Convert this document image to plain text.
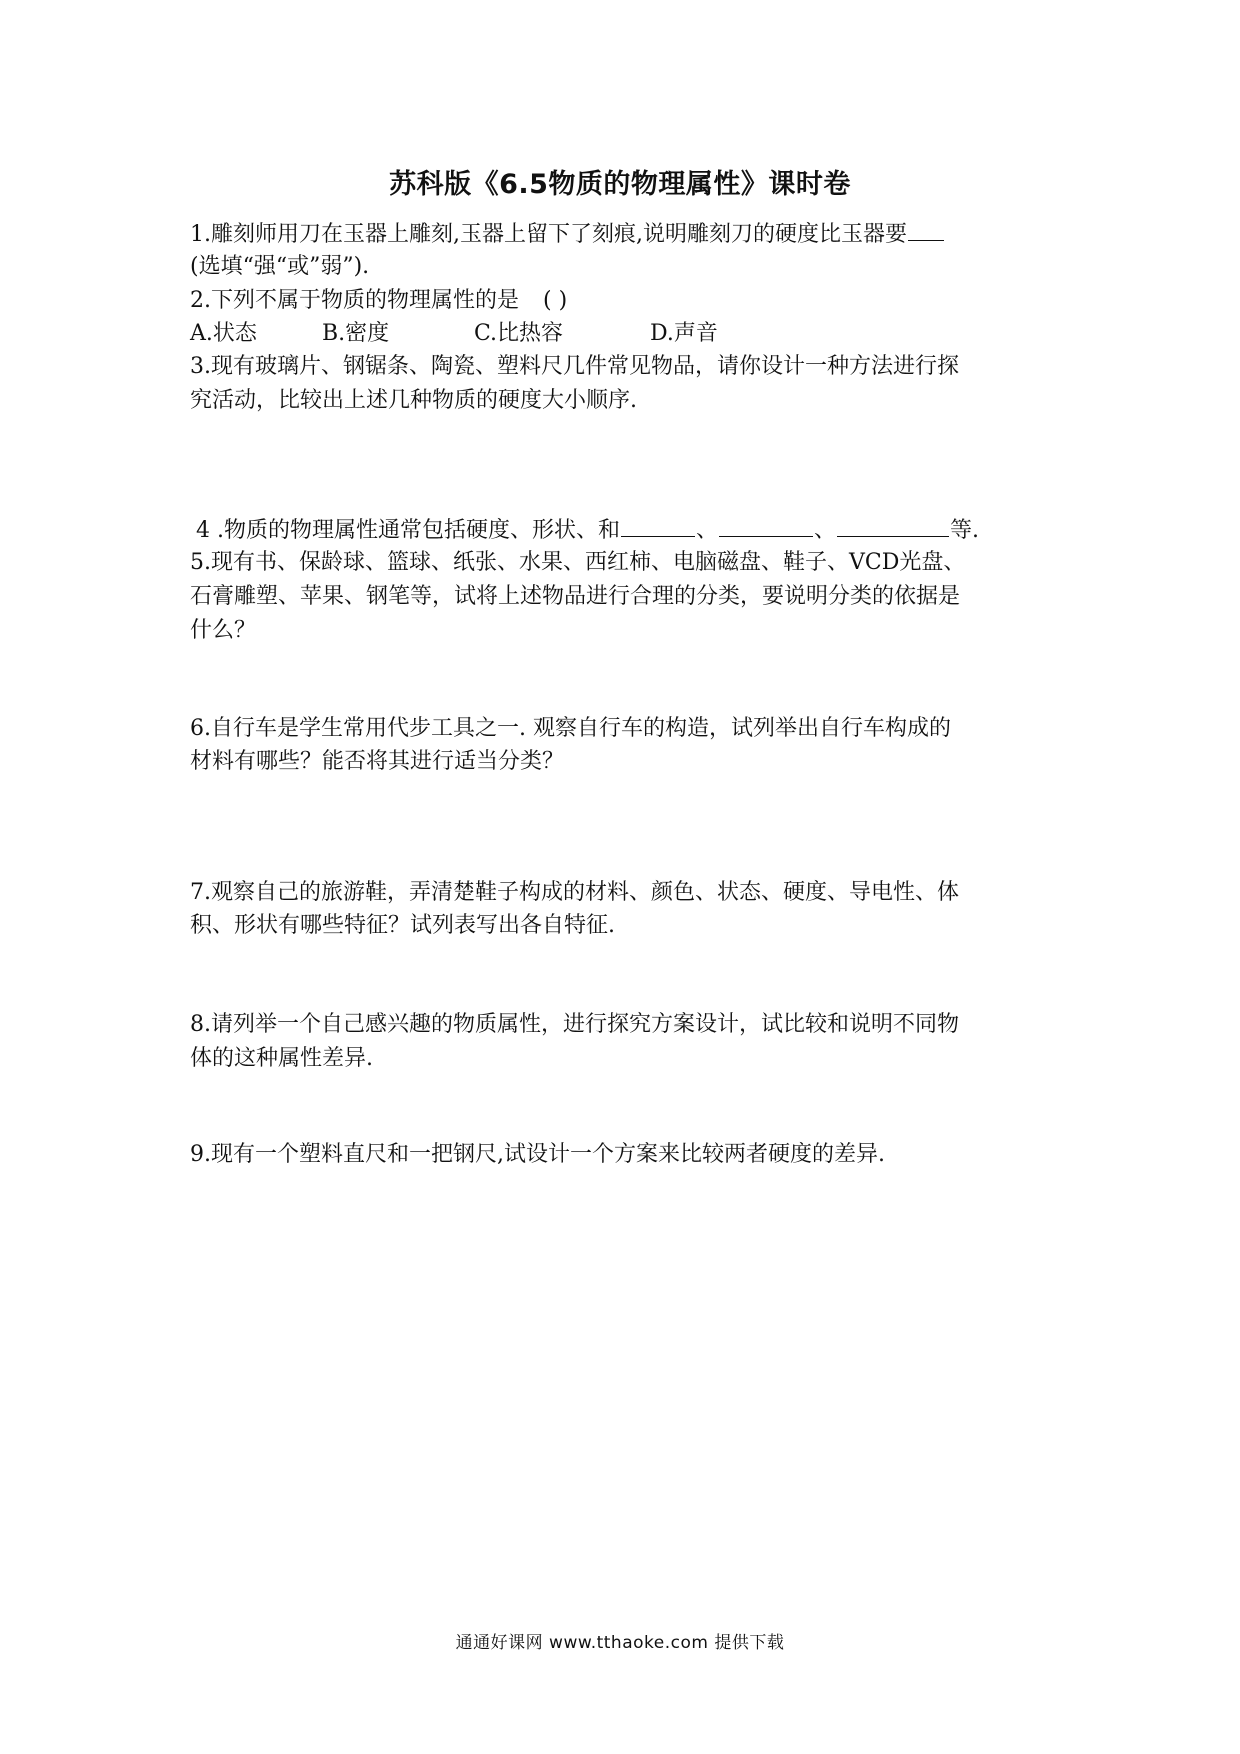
苏科版《6.5物质的物理属性》课时卷
1.雕刻师用刀在玉器上雕刻,玉器上留下了刻痕,说明雕刻刀的硬度比玉器要
(选填“强“或”弱”).
2.下列不属于物质的物理属性的是 ( )
A.状态	B.密度	C.比热容	D.声音
3.现有玻璃片、钢锯条、陶瓷、塑料尺几件常见物品，请你设计一种方法进行探
究活动，比较出上述几种物质的硬度大小顺序.
4 .物质的物理属性通常包括硬度、形状、和	、	、	等.
5.现有书、保龄球、篮球、纸张、水果、西红柿、电脑磁盘、鞋子、VCD光盘、
石膏雕塑、苹果、钢笔等，试将上述物品进行合理的分类，要说明分类的依据是
什么？
6.自行车是学生常用代步工具之一. 观察自行车的构造，试列举出自行车构成的
材料有哪些？能否将其进行适当分类？
7.观察自己的旅游鞋，弄清楚鞋子构成的材料、颜色、状态、硬度、导电性、体
积、形状有哪些特征？试列表写出各自特征.
8.请列举一个自己感兴趣的物质属性，进行探究方案设计，试比较和说明不同物
体的这种属性差异.
9.现有一个塑料直尺和一把钢尺,试设计一个方案来比较两者硬度的差异.
通通好课网 www.tthaoke.com 提供下载
